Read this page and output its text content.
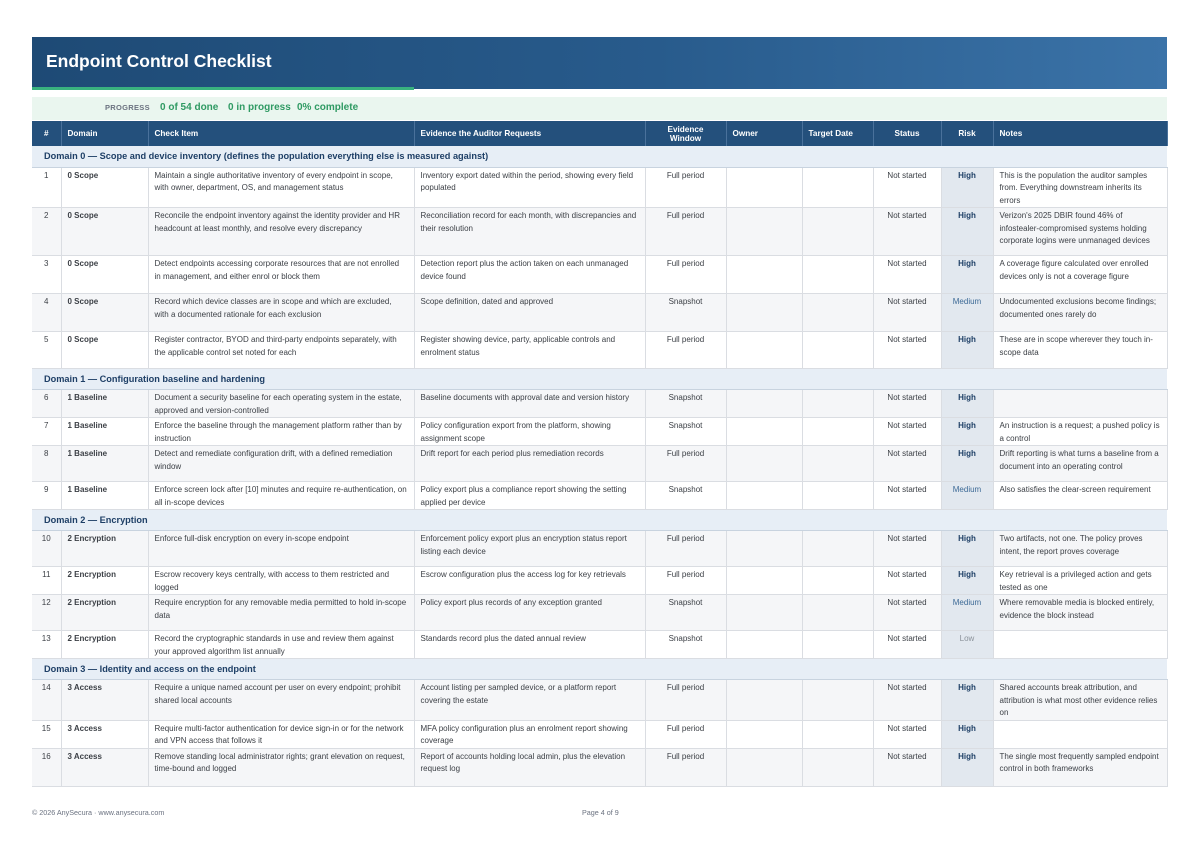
Endpoint Control Checklist
PROGRESS 0 of 54 done 0 in progress 0% complete
#	Domain	Check Item	Evidence the Auditor Requests	Evidence Window	Owner	Target Date	Status	Risk	Notes
Domain 0 — Scope and device inventory (defines the population everything else is measured against)									
1	0 Scope	Maintain a single authoritative inventory of every endpoint in scope, with owner, department, OS, and management status	Inventory export dated within the period, showing every field populated	Full period			Not started	High	This is the population the auditor samples from. Everything downstream inherits its errors
2	0 Scope	Reconcile the endpoint inventory against the identity provider and HR headcount at least monthly, and resolve every discrepancy	Reconciliation record for each month, with discrepancies and their resolution	Full period			Not started	High	Verizon's 2025 DBIR found 46% of infostealer-compromised systems holding corporate logins were unmanaged devices
3	0 Scope	Detect endpoints accessing corporate resources that are not enrolled in management, and either enrol or block them	Detection report plus the action taken on each unmanaged device found	Full period			Not started	High	A coverage figure calculated over enrolled devices only is not a coverage figure
4	0 Scope	Record which device classes are in scope and which are excluded, with a documented rationale for each exclusion	Scope definition, dated and approved	Snapshot			Not started	Medium	Undocumented exclusions become findings; documented ones rarely do
5	0 Scope	Register contractor, BYOD and third-party endpoints separately, with the applicable control set noted for each	Register showing device, party, applicable controls and enrolment status	Full period			Not started	High	These are in scope wherever they touch in-scope data
Domain 1 — Configuration baseline and hardening									
6	1 Baseline	Document a security baseline for each operating system in the estate, approved and version-controlled	Baseline documents with approval date and version history	Snapshot			Not started	High	
7	1 Baseline	Enforce the baseline through the management platform rather than by instruction	Policy configuration export from the platform, showing assignment scope	Snapshot			Not started	High	An instruction is a request; a pushed policy is a control
8	1 Baseline	Detect and remediate configuration drift, with a defined remediation window	Drift report for each period plus remediation records	Full period			Not started	High	Drift reporting is what turns a baseline from a document into an operating control
9	1 Baseline	Enforce screen lock after [10] minutes and require re-authentication, on all in-scope devices	Policy export plus a compliance report showing the setting applied per device	Snapshot			Not started	Medium	Also satisfies the clear-screen requirement
Domain 2 — Encryption									
10	2 Encryption	Enforce full-disk encryption on every in-scope endpoint	Enforcement policy export plus an encryption status report listing each device	Full period			Not started	High	Two artifacts, not one. The policy proves intent, the report proves coverage
11	2 Encryption	Escrow recovery keys centrally, with access to them restricted and logged	Escrow configuration plus the access log for key retrievals	Full period			Not started	High	Key retrieval is a privileged action and gets tested as one
12	2 Encryption	Require encryption for any removable media permitted to hold in-scope data	Policy export plus records of any exception granted	Snapshot			Not started	Medium	Where removable media is blocked entirely, evidence the block instead
13	2 Encryption	Record the cryptographic standards in use and review them against your approved algorithm list annually	Standards record plus the dated annual review	Snapshot			Not started	Low	
Domain 3 — Identity and access on the endpoint									
14	3 Access	Require a unique named account per user on every endpoint; prohibit shared local accounts	Account listing per sampled device, or a platform report covering the estate	Full period			Not started	High	Shared accounts break attribution, and attribution is what most other evidence relies on
15	3 Access	Require multi-factor authentication for device sign-in or for the network and VPN access that follows it	MFA policy configuration plus an enrolment report showing coverage	Full period			Not started	High	
16	3 Access	Remove standing local administrator rights; grant elevation on request, time-bound and logged	Report of accounts holding local admin, plus the elevation request log	Full period			Not started	High	The single most frequently sampled endpoint control in both frameworks
© 2026 AnySecura · www.anysecura.com	Page 4 of 9
